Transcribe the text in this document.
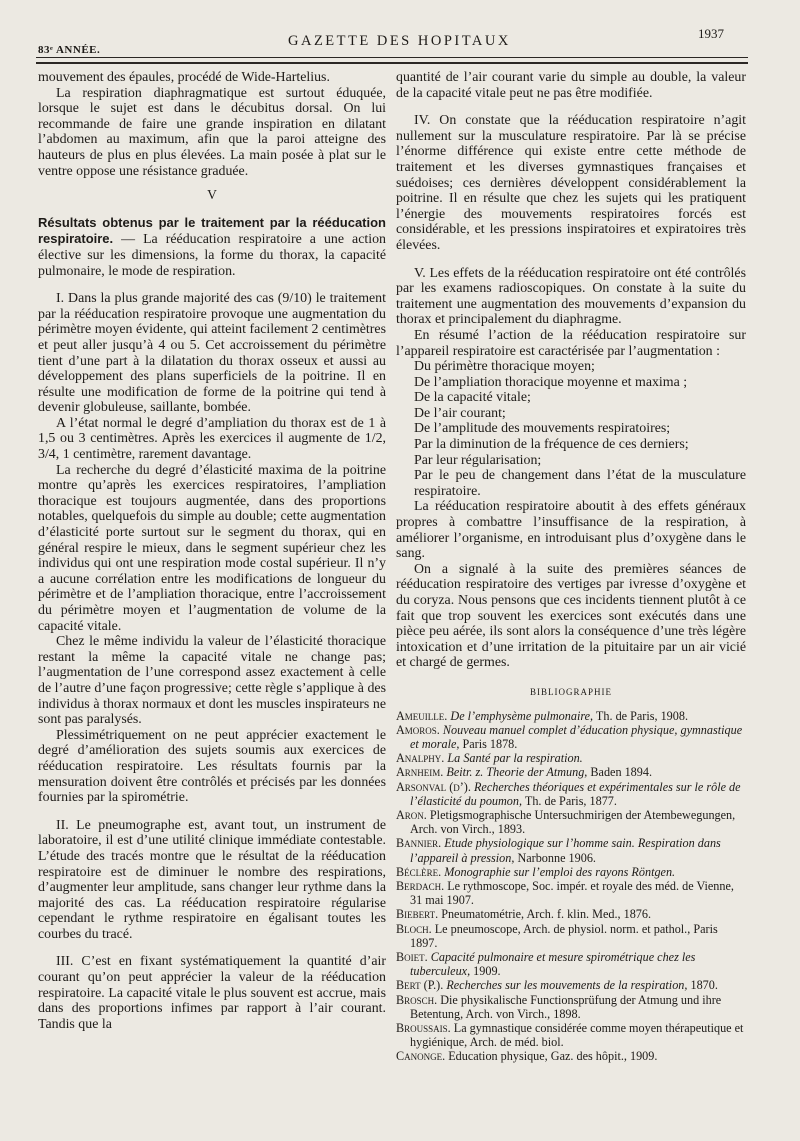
83ᵉ ANNÉE.
GAZETTE DES HOPITAUX	1937

mouvement des épaules, procédé de Wide-Hartelius.

La respiration diaphragmatique est surtout éduquée, lorsque le sujet est dans le décubitus dorsal. On lui recommande de faire une grande inspiration en dilatant l’abdomen au maximum, afin que la paroi atteigne des hauteurs de plus en plus élevées. La main posée à plat sur le ventre oppose une résistance graduée.

V

Résultats obtenus par le traitement par la rééducation respiratoire. — La rééducation respiratoire a une action élective sur les dimensions, la forme du thorax, la capacité pulmonaire, le mode de respiration.

I. Dans la plus grande majorité des cas (9/10) le traitement par la rééducation respiratoire provoque une augmentation du périmètre moyen évidente, qui atteint facilement 2 centimètres et peut aller jusqu’à 4 ou 5. Cet accroissement du périmètre tient d’une part à la dilatation du thorax osseux et aussi au développement des plans superficiels de la poitrine. Il en résulte une modification de forme de la poitrine qui tend à devenir globuleuse, saillante, bombée.

A l’état normal le degré d’ampliation du thorax est de 1 à 1,5 ou 3 centimètres. Après les exercices il augmente de 1/2, 3/4, 1 centimètre, rarement davantage.

La recherche du degré d’élasticité maxima de la poitrine montre qu’après les exercices respiratoires, l’ampliation thoracique est toujours augmentée, dans des proportions notables, quelquefois du simple au double; cette augmentation d’élasticité porte surtout sur le segment du thorax, qui en général respire le mieux, dans le segment supérieur chez les individus qui ont une respiration mode costal supérieur. Il n’y a aucune corrélation entre les modifications de longueur du périmètre et de l’ampliation thoracique, entre l’accroissement du périmètre moyen et l’augmentation de volume de la capacité vitale.

Chez le même individu la valeur de l’élasticité thoracique restant la même la capacité vitale ne change pas; l’augmentation de l’une correspond assez exactement à celle de l’autre d’une façon progressive; cette règle s’applique à des individus à thorax normaux et dont les muscles inspirateurs ne sont pas paralysés.

Plessimétriquement on ne peut apprécier exactement le degré d’amélioration des sujets soumis aux exercices de rééducation respiratoire. Les résultats fournis par la mensuration doivent être contrôlés et précisés par les données fournies par la spirométrie.

II. Le pneumographe est, avant tout, un instrument de laboratoire, il est d’une utilité clinique immédiate contestable. L’étude des tracés montre que le résultat de la rééducation respiratoire est de diminuer le nombre des respirations, d’augmenter leur amplitude, sans changer leur rythme dans la majorité des cas. La rééducation respiratoire régularise cependant le rythme respiratoire en égalisant toutes les courbes du tracé.

III. C’est en fixant systématiquement la quantité d’air courant qu’on peut apprécier la valeur de la rééducation respiratoire. La capacité vitale le plus souvent est accrue, mais dans des proportions infimes par rapport à l’air courant. Tandis que la

quantité de l’air courant varie du simple au double, la valeur de la capacité vitale peut ne pas être modifiée.

IV. On constate que la rééducation respiratoire n’agit nullement sur la musculature respiratoire. Par là se précise l’énorme différence qui existe entre cette méthode de traitement et les diverses gymnastiques françaises et suédoises; ces dernières développent considérablement la poitrine. Il en résulte que chez les sujets qui les pratiquent l’énergie des mouvements respiratoires forcés est considérable, et les pressions inspiratoires et expiratoires très élevées.

V. Les effets de la rééducation respiratoire ont été contrôlés par les examens radioscopiques. On constate à la suite du traitement une augmentation des mouvements d’expansion du thorax et principalement du diaphragme.

En résumé l’action de la rééducation respiratoire sur l’appareil respiratoire est caractérisée par l’augmentation :

Du périmètre thoracique moyen;

De l’ampliation thoracique moyenne et maxima ;

De la capacité vitale;

De l’air courant;

De l’amplitude des mouvements respiratoires;

Par la diminution de la fréquence de ces derniers;

Par leur régularisation;

Par le peu de changement dans l’état de la musculature respiratoire.

La rééducation respiratoire aboutit à des effets généraux propres à combattre l’insuffisance de la respiration, à améliorer l’organisme, en introduisant plus d’oxygène dans le sang.

On a signalé à la suite des premières séances de rééducation respiratoire des vertiges par ivresse d’oxygène et du coryza. Nous pensons que ces incidents tiennent plutôt à ce fait que trop souvent les exercices sont exécutés dans une pièce peu aérée, ils sont alors la conséquence d’une très légère intoxication et d’une irritation de la pituitaire par un air vicié et chargé de germes.

BIBLIOGRAPHIE
Ameuille. De l’emphysème pulmonaire, Th. de Paris, 1908.
Amoros. Nouveau manuel complet d’éducation physique, gymnastique et morale, Paris 1878.
Analphy. La Santé par la respiration.
Arnheim. Beitr. z. Theorie der Atmung, Baden 1894.
Arsonval (d’). Recherches théoriques et expérimentales sur le rôle de l’élasticité du poumon, Th. de Paris, 1877.
Aron. Pletigsmographische Untersuchmirigen der Atembewegungen, Arch. von Virch., 1893.
Bannier. Etude physiologique sur l’homme sain. Respiration dans l’appareil à pression, Narbonne 1906.
Béclère. Monographie sur l’emploi des rayons Röntgen.
Berdach. Le rythmoscope, Soc. impér. et royale des méd. de Vienne, 31 mai 1907.
Biebert. Pneumatométrie, Arch. f. klin. Med., 1876.
Bloch. Le pneumoscope, Arch. de physiol. norm. et pathol., Paris 1897.
Boiet. Capacité pulmonaire et mesure spirométrique chez les tuberculeux, 1909.
Bert (P.). Recherches sur les mouvements de la respiration, 1870.
Brosch. Die physikalische Functionsprüfung der Atmung und ihre Betentung, Arch. von Virch., 1898.
Broussais. La gymnastique considérée comme moyen thérapeutique et hygiénique, Arch. de méd. biol.
Canonge. Education physique, Gaz. des hôpit., 1909.
